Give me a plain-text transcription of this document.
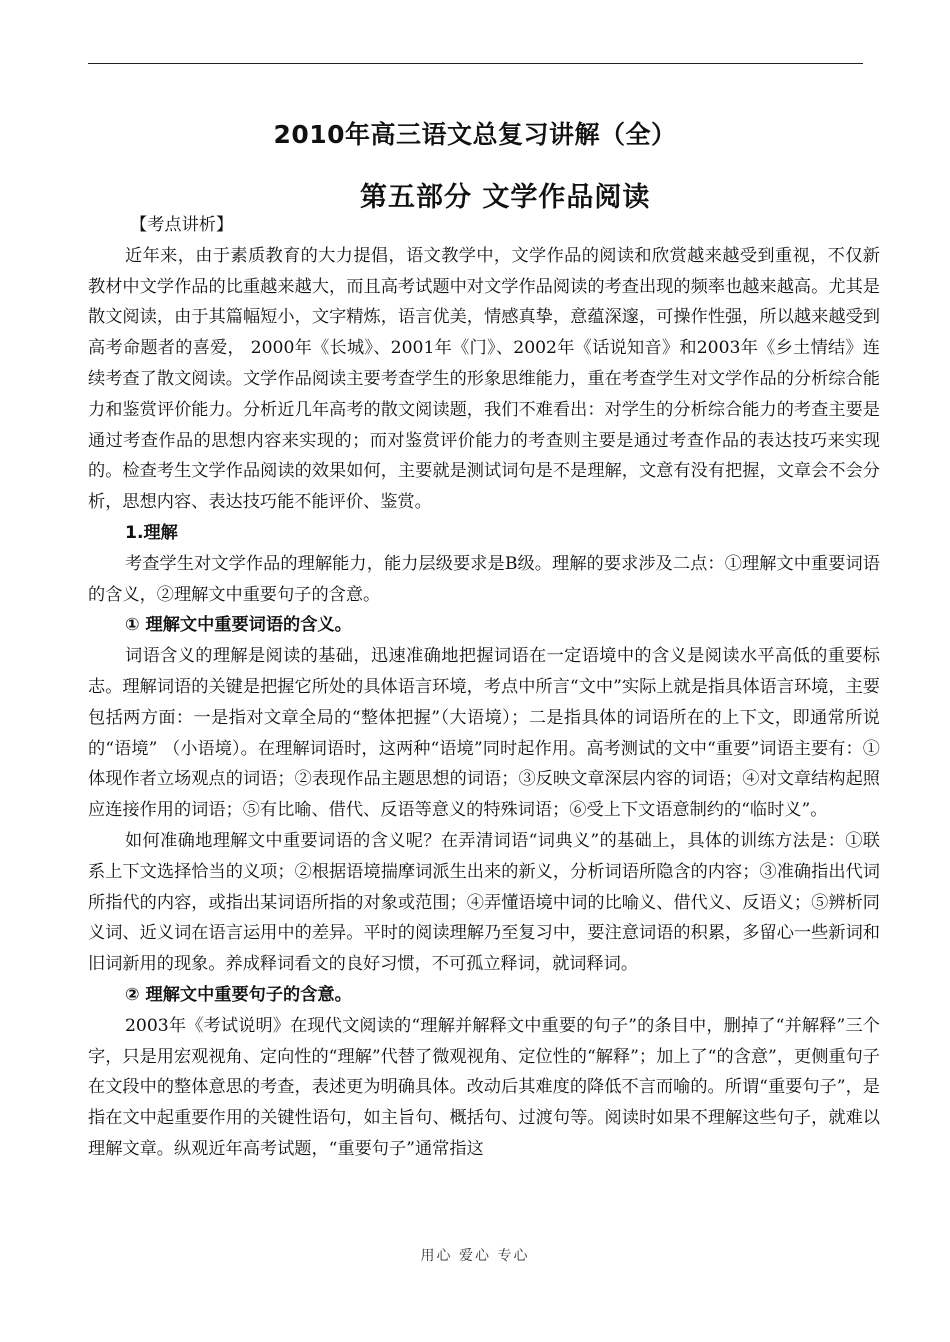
2010年高三语文总复习讲解（全）
第五部分 文学作品阅读

【考点讲析】

近年来，由于素质教育的大力提倡，语文教学中，文学作品的阅读和欣赏越来越受到重视，不仅新教材中文学作品的比重越来越大，而且高考试题中对文学作品阅读的考查出现的频率也越来越高。尤其是散文阅读，由于其篇幅短小，文字精炼，语言优美，情感真挚，意蕴深邃，可操作性强，所以越来越受到高考命题者的喜爱， 2000年《长城》、2001年《门》、2002年《话说知音》和2003年《乡土情结》连续考查了散文阅读。文学作品阅读主要考查学生的形象思维能力，重在考查学生对文学作品的分析综合能力和鉴赏评价能力。分析近几年高考的散文阅读题，我们不难看出：对学生的分析综合能力的考查主要是通过考查作品的思想内容来实现的；而对鉴赏评价能力的考查则主要是通过考查作品的表达技巧来实现的。检查考生文学作品阅读的效果如何，主要就是测试词句是不是理解，文意有没有把握，文章会不会分析，思想内容、表达技巧能不能评价、鉴赏。

1.理解

考查学生对文学作品的理解能力，能力层级要求是B级。理解的要求涉及二点：①理解文中重要词语的含义，②理解文中重要句子的含意。

① 理解文中重要词语的含义。

词语含义的理解是阅读的基础，迅速准确地把握词语在一定语境中的含义是阅读水平高低的重要标志。理解词语的关键是把握它所处的具体语言环境，考点中所言“文中”实际上就是指具体语言环境，主要包括两方面：一是指对文章全局的“整体把握”（大语境）；二是指具体的词语所在的上下文，即通常所说的“语境” （小语境）。在理解词语时，这两种“语境”同时起作用。高考测试的文中“重要”词语主要有：①体现作者立场观点的词语；②表现作品主题思想的词语；③反映文章深层内容的词语；④对文章结构起照应连接作用的词语；⑤有比喻、借代、反语等意义的特殊词语；⑥受上下文语意制约的“临时义”。

如何准确地理解文中重要词语的含义呢？在弄清词语“词典义”的基础上，具体的训练方法是：①联系上下文选择恰当的义项；②根据语境揣摩词派生出来的新义，分析词语所隐含的内容；③准确指出代词所指代的内容，或指出某词语所指的对象或范围；④弄懂语境中词的比喻义、借代义、反语义；⑤辨析同义词、近义词在语言运用中的差异。平时的阅读理解乃至复习中，要注意词语的积累，多留心一些新词和旧词新用的现象。养成释词看文的良好习惯，不可孤立释词，就词释词。

② 理解文中重要句子的含意。

2003年《考试说明》在现代文阅读的“理解并解释文中重要的句子”的条目中，删掉了“并解释”三个字，只是用宏观视角、定向性的“理解”代替了微观视角、定位性的“解释”；加上了“的含意”，更侧重句子在文段中的整体意思的考查，表述更为明确具体。改动后其难度的降低不言而喻的。所谓“重要句子”，是指在文中起重要作用的关键性语句，如主旨句、概括句、过渡句等。阅读时如果不理解这些句子，就难以理解文章。纵观近年高考试题，“重要句子”通常指这

用心 爱心 专心
